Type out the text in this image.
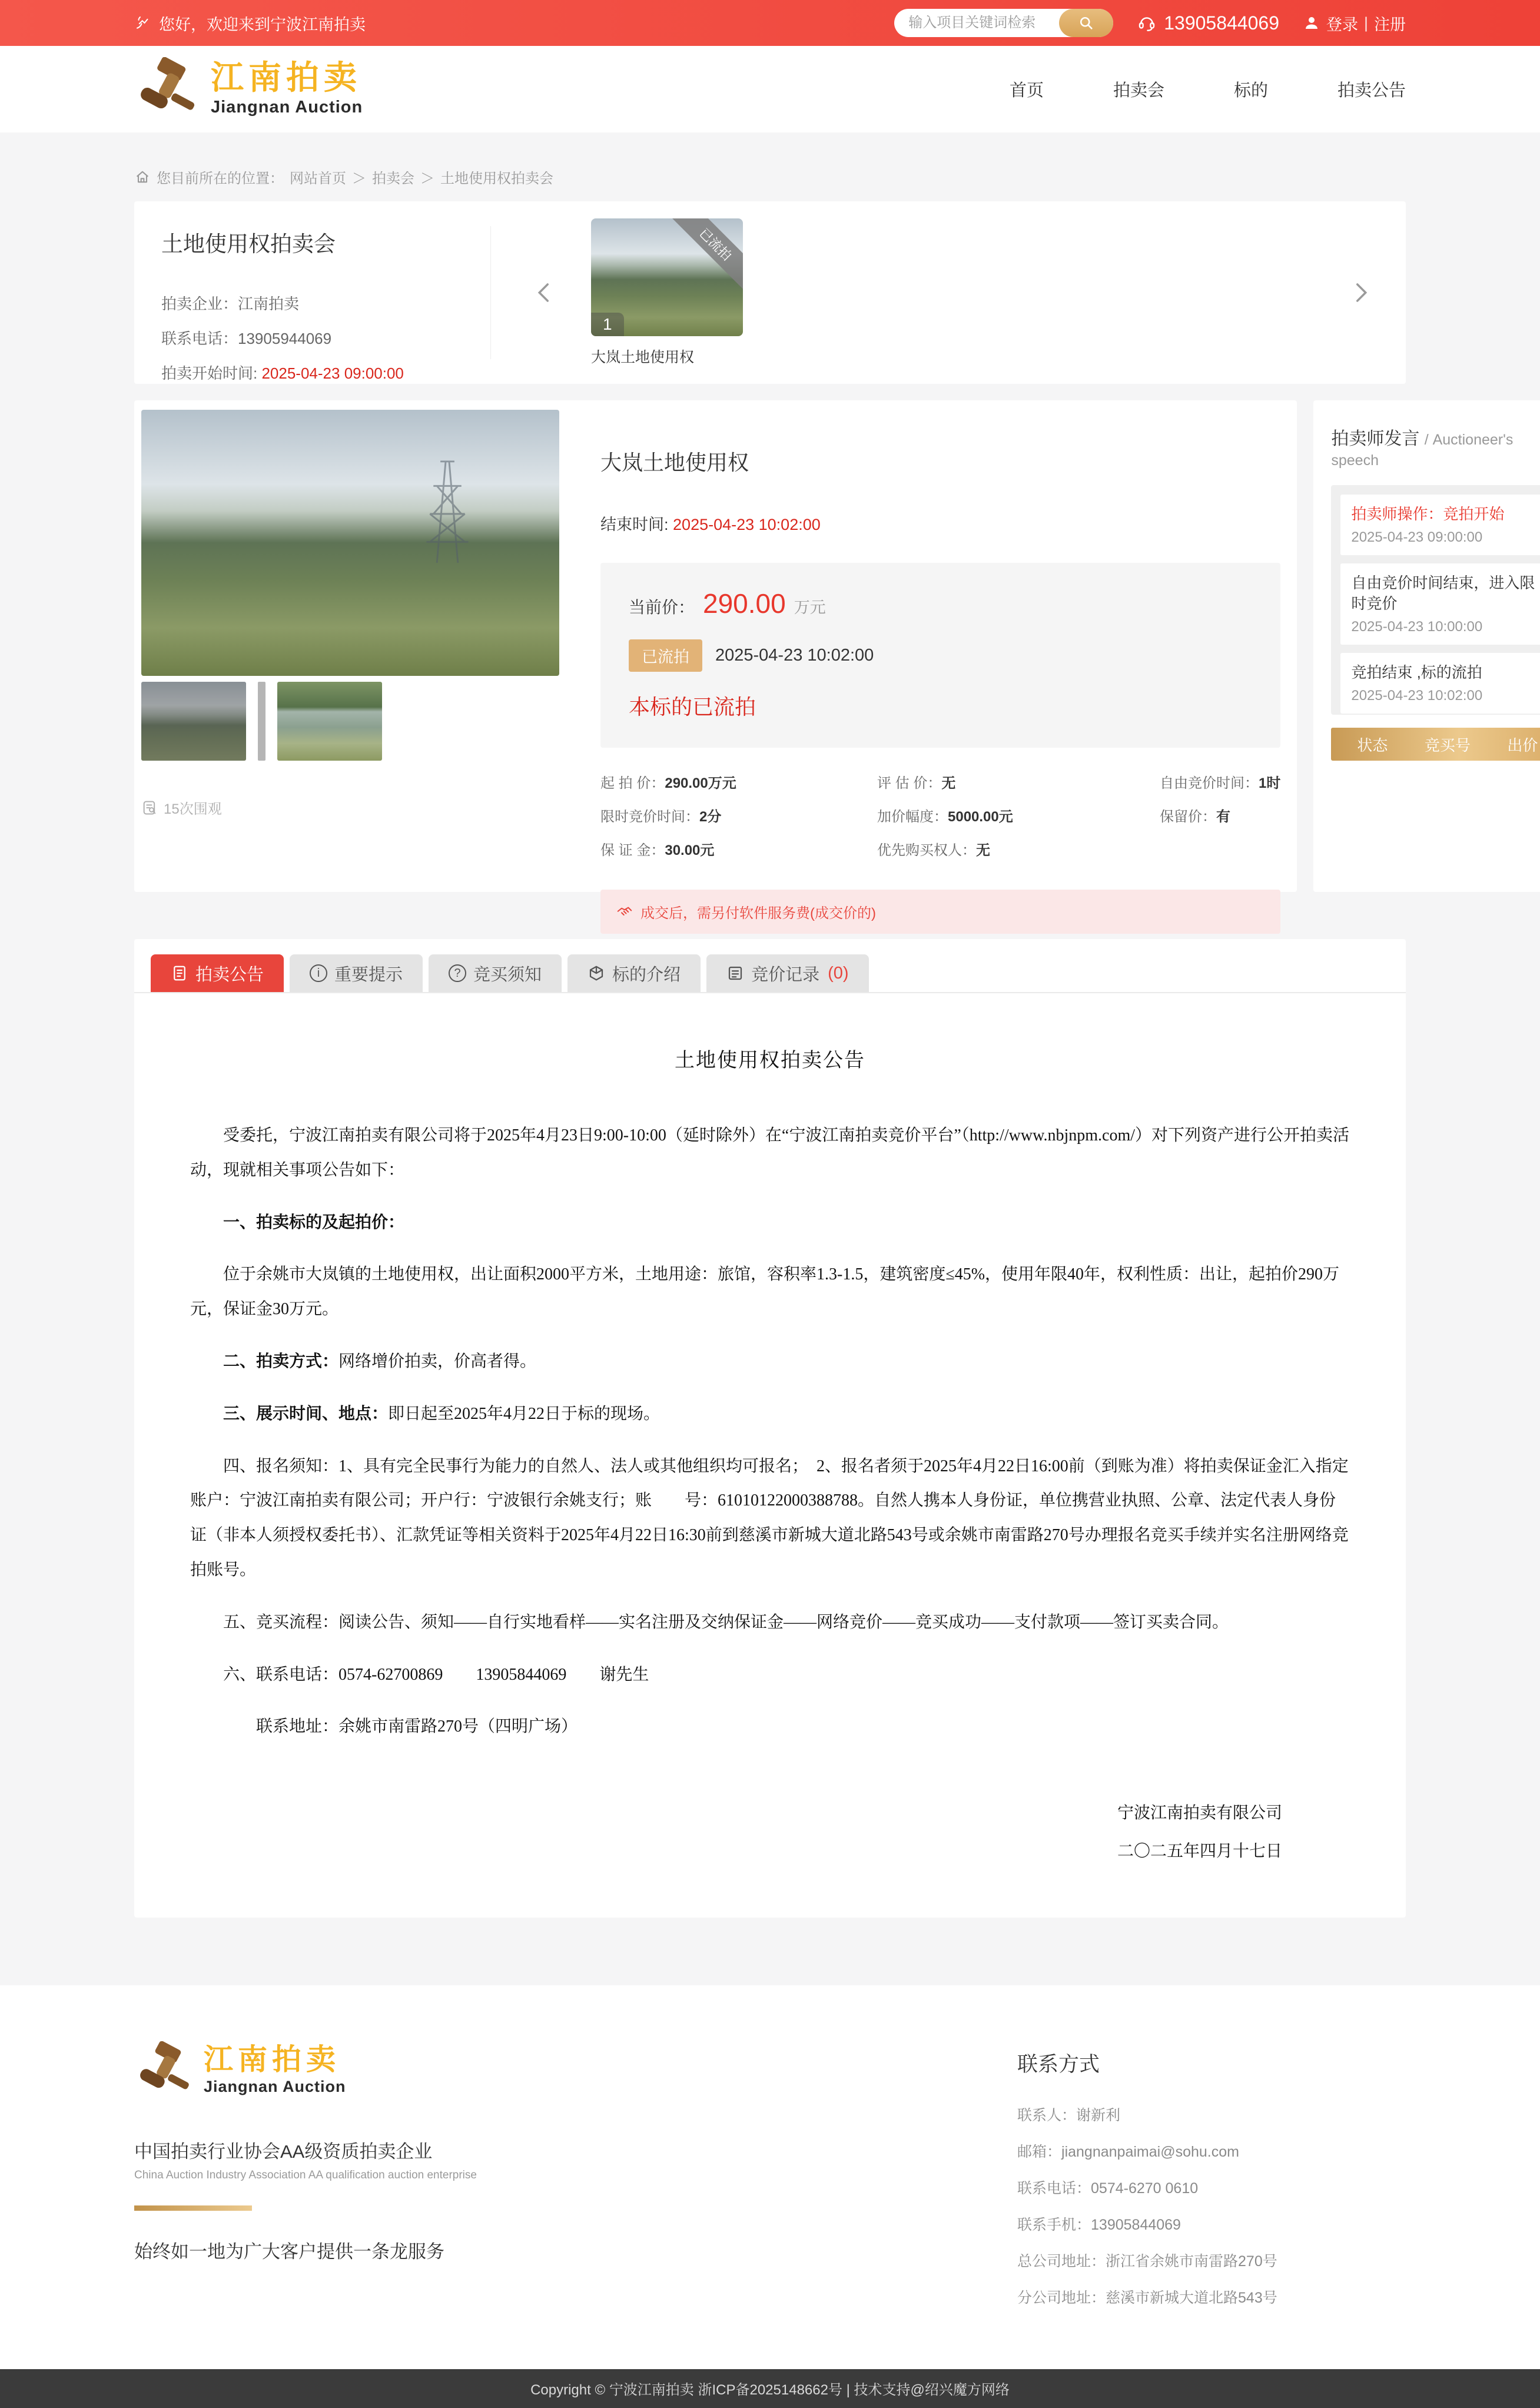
您好，欢迎来到宁波江南拍卖
输入项目关键词检索	13905844069	登录 | 注册
江南拍卖
Jiangnan Auction
首页	拍卖会	标的	拍卖公告
您目前所在的位置： 网站首页 ＞ 拍卖会 ＞ 土地使用权拍卖会
土地使用权拍卖会
拍卖企业：江南拍卖
联系电话：13905944069
拍卖开始时间: 2025-04-23 09:00:00
已流拍
1
大岚土地使用权
15次围观
大岚土地使用权
结束时间: 2025-04-23 10:02:00
当前价： 290.00 万元
已流拍	2025-04-23 10:02:00
本标的已流拍
起 拍 价：290.00万元	评 估 价：无	自由竞价时间：1时
限时竞价时间：2分	加价幅度：5000.00元	保留价：有
保 证 金：30.00元	优先购买权人：无
成交后，需另付软件服务费(成交价的)
拍卖师发言 / Auctioneer's speech
拍卖师操作：竞拍开始
2025-04-23 09:00:00
自由竞价时间结束，进入限时竞价
2025-04-23 10:00:00
竞拍结束 ,标的流拍
2025-04-23 10:02:00
状态	竞买号	出价
拍卖公告	i 重要提示	? 竞买须知	标的介绍	竞价记录 (0)
土地使用权拍卖公告

受委托，宁波江南拍卖有限公司将于2025年4月23日9:00-10:00（延时除外）在“宁波江南拍卖竞价平台”（http://www.nbjnpm.com/）对下列资产进行公开拍卖活动，现就相关事项公告如下：

一、拍卖标的及起拍价：

位于余姚市大岚镇的土地使用权，出让面积2000平方米，土地用途：旅馆，容积率1.3-1.5，建筑密度≤45%，使用年限40年，权利性质：出让，起拍价290万元，保证金30万元。

二、拍卖方式：网络增价拍卖，价高者得。

三、展示时间、地点：即日起至2025年4月22日于标的现场。

四、报名须知：1、具有完全民事行为能力的自然人、法人或其他组织均可报名；　2、报名者须于2025年4月22日16:00前（到账为准）将拍卖保证金汇入指定账户：宁波江南拍卖有限公司；开户行：宁波银行余姚支行；账　　号：61010122000388788。自然人携本人身份证，单位携营业执照、公章、法定代表人身份证（非本人须授权委托书）、汇款凭证等相关资料于2025年4月22日16:30前到慈溪市新城大道北路543号或余姚市南雷路270号办理报名竞买手续并实名注册网络竞拍账号。

五、竞买流程：阅读公告、须知——自行实地看样——实名注册及交纳保证金——网络竞价——竞买成功——支付款项——签订买卖合同。

六、联系电话：0574-62700869　　13905844069　　谢先生

联系地址：余姚市南雷路270号（四明广场）

宁波江南拍卖有限公司
二〇二五年四月十七日
江南拍卖
Jiangnan Auction
中国拍卖行业协会AA级资质拍卖企业
China Auction Industry Association AA qualification auction enterprise
始终如一地为广大客户提供一条龙服务
联系方式
联系人：谢新利
邮箱：jiangnanpaimai@sohu.com
联系电话：0574-6270 0610
联系手机：13905844069
总公司地址：浙江省余姚市南雷路270号
分公司地址：慈溪市新城大道北路543号
Copyright © 宁波江南拍卖 浙ICP备2025148662号 | 技术支持@绍兴魔方网络
